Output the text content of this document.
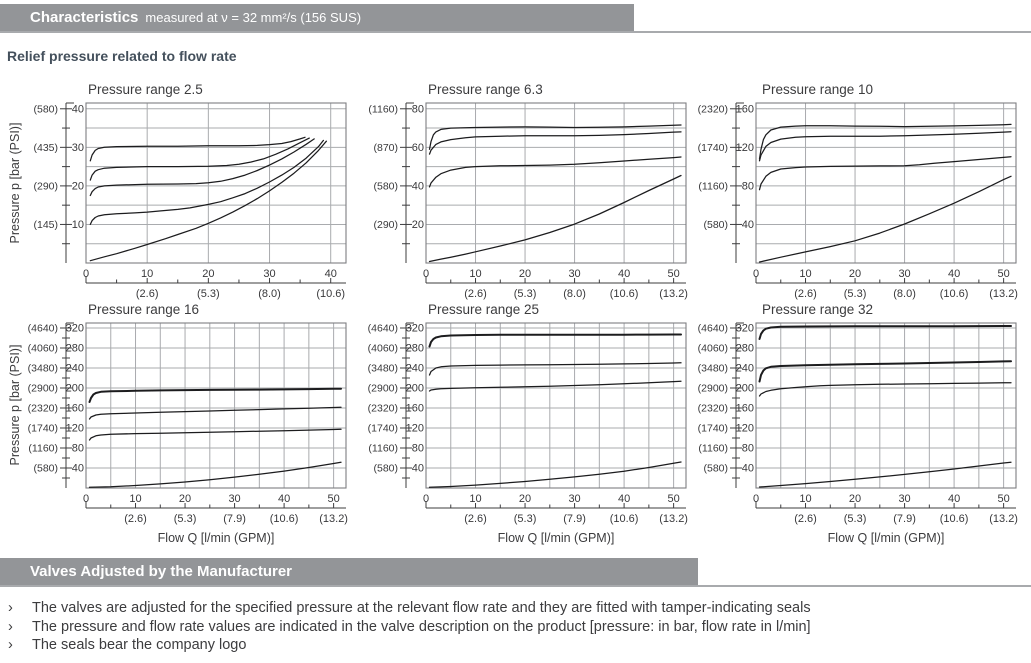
Characteristics measured at ν = 32 mm²/s (156 SUS)
Relief pressure related to flow rate
Pressure p [bar (PSI)]
Pressure p [bar (PSI)]
Pressure range 2.5	Pressure range 6.3	Pressure range 10
Pressure range 16	Pressure range 25	Pressure range 32
10
(145)
20
(290)
30
(435)
40
(580)
0	10	20	30	40
(2.6)	(5.3)	(8.0)	(10.6)
20
(290)
40
(580)
60
(870)
80
(1160)
0	10	20	30	40	50
(2.6) (5.3) (8.0) (10.6) (13.2)
40
(580)
80
(1160)
120
(1740)
160
(2320)
0	10	20	30	40	50
(2.6) (5.3) (8.0) (10.6) (13.2)
40
(580)
80
(1160)
120
(1740)
160
(2320)
200
(2900)
240
(3480)
280
(4060)
320
(4640)
0	10	20	30	40	50
(2.6) (5.3) (7.9) (10.6) (13.2)
40
(580)
80
(1160)
120
(1740)
160
(2320)
200
(2900)
240
(3480)
280
(4060)
320
(4640)
0	10	20	30	40	50
(2.6) (5.3) (7.9) (10.6) (13.2)
40
(580)
80
(1160)
120
(1740)
160
(2320)
200
(2900)
240
(3480)
280
(4060)
320
(4640)
0	10	20	30	40	50
(2.6) (5.3) (7.9) (10.6) (13.2)
Flow Q [l/min (GPM)]	Flow Q [l/min (GPM)]	Flow Q [l/min (GPM)]
Valves Adjusted by the Manufacturer
›	The valves are adjusted for the specified pressure at the relevant flow rate and they are fitted with tamper-indicating seals
›	The pressure and flow rate values are indicated in the valve description on the product [pressure: in bar, flow rate in l/min]
›	The seals bear the company logo
